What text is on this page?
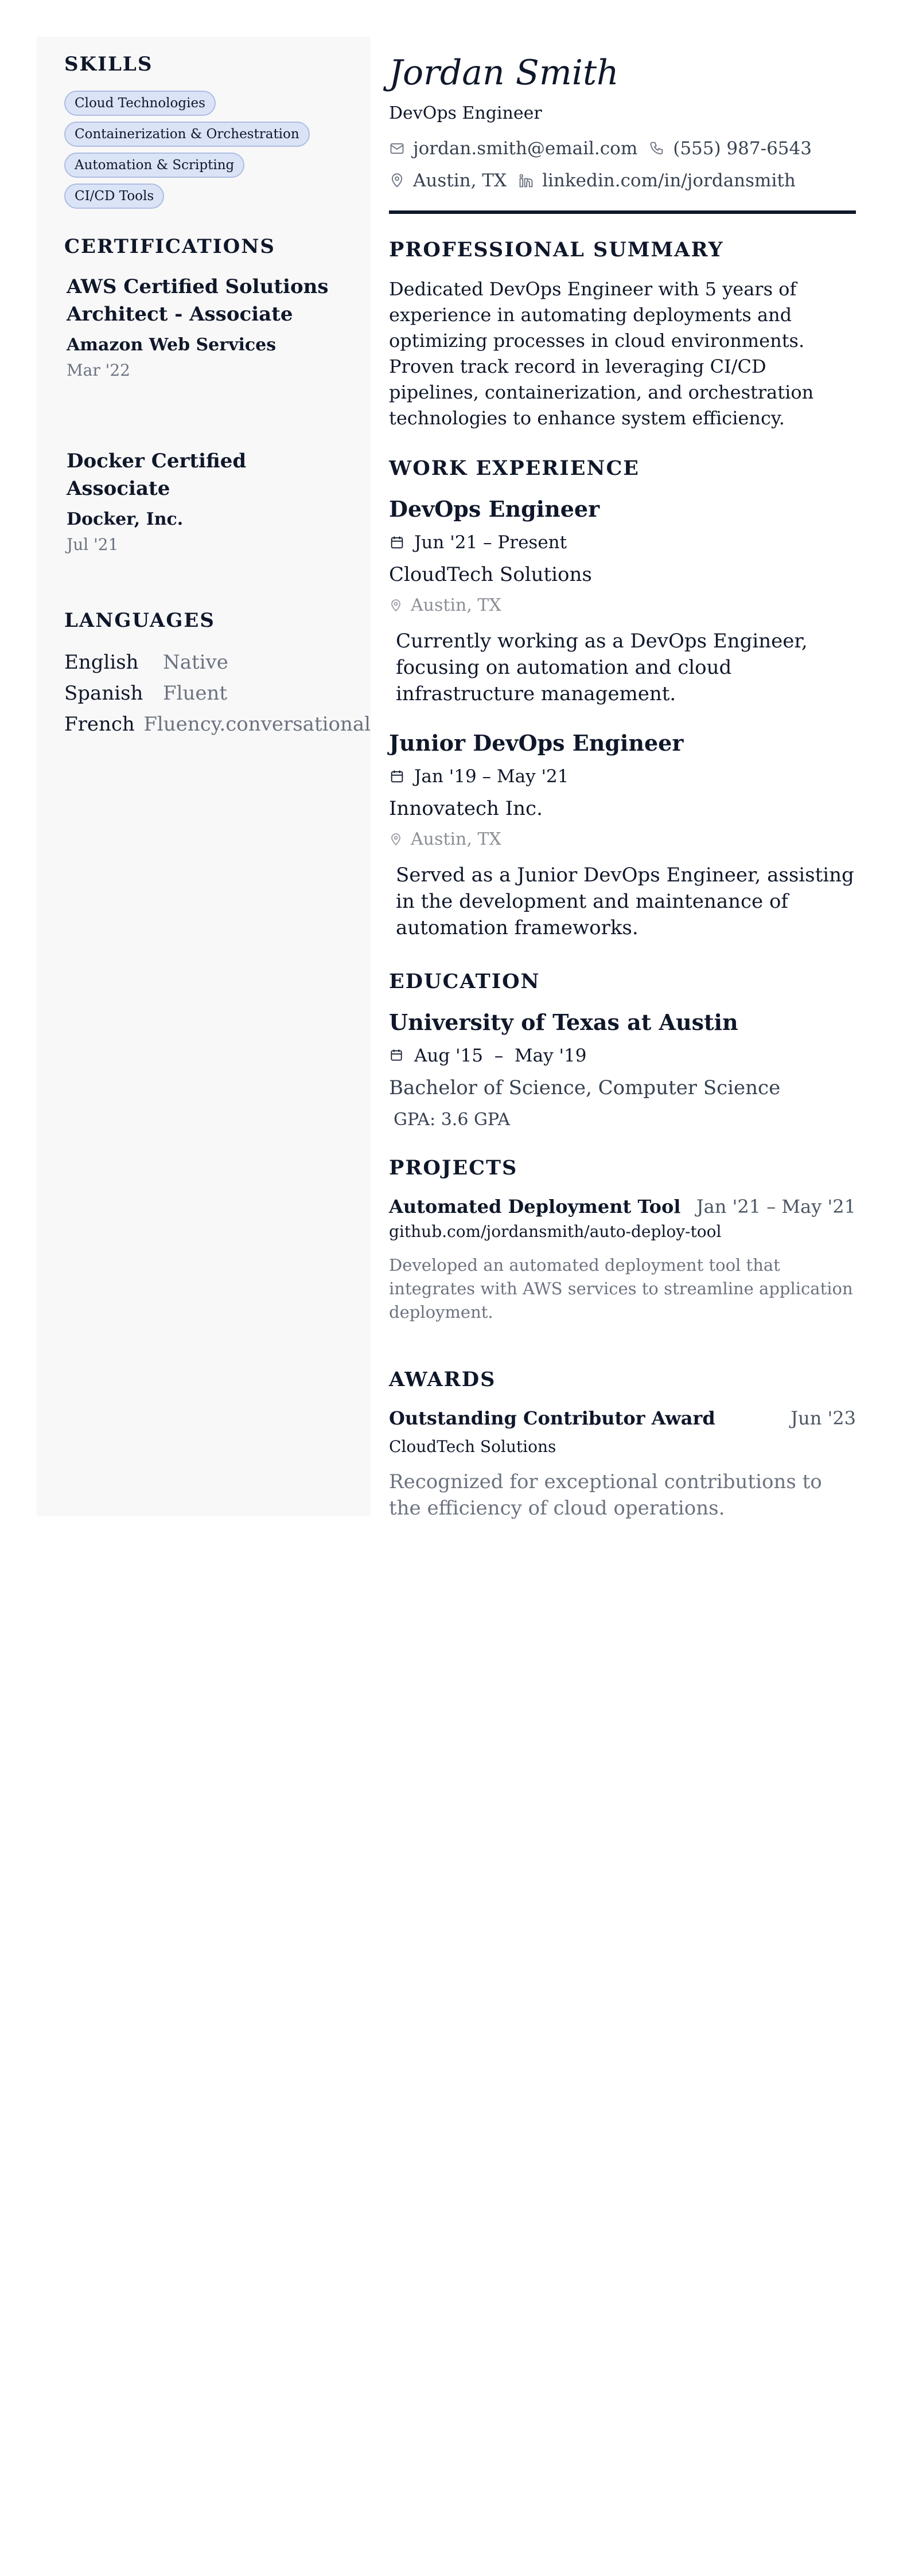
SKILLS
Cloud Technologies
Containerization & Orchestration
Automation & Scripting
CI/CD Tools
CERTIFICATIONS
AWS Certified Solutions Architect - Associate
Amazon Web Services
Mar '22
Docker Certified Associate
Docker, Inc.
Jul '21
LANGUAGES
English	Native
Spanish	Fluent
French Fluency.conversational
Jordan Smith
DevOps Engineer
jordan.smith@email.com (555) 987-6543
Austin, TX linkedin.com/in/jordansmith
PROFESSIONAL SUMMARY
Dedicated DevOps Engineer with 5 years of experience in automating deployments and optimizing processes in cloud environments. Proven track record in leveraging CI/CD pipelines, containerization, and orchestration technologies to enhance system efficiency.
WORK EXPERIENCE
DevOps Engineer
Jun '21 – Present
CloudTech Solutions
Austin, TX
Currently working as a DevOps Engineer, focusing on automation and cloud infrastructure management.
Junior DevOps Engineer
Jan '19 – May '21
Innovatech Inc.
Austin, TX
Served as a Junior DevOps Engineer, assisting in the development and maintenance of automation frameworks.
EDUCATION
University of Texas at Austin
Aug '15  –  May '19
Bachelor of Science, Computer Science
GPA: 3.6 GPA
PROJECTS
Automated Deployment Tool Jan '21 – May '21
github.com/jordansmith/auto-deploy-tool
Developed an automated deployment tool that integrates with AWS services to streamline application deployment.
AWARDS
Outstanding Contributor Award	Jun '23
CloudTech Solutions
Recognized for exceptional contributions to the efficiency of cloud operations.
